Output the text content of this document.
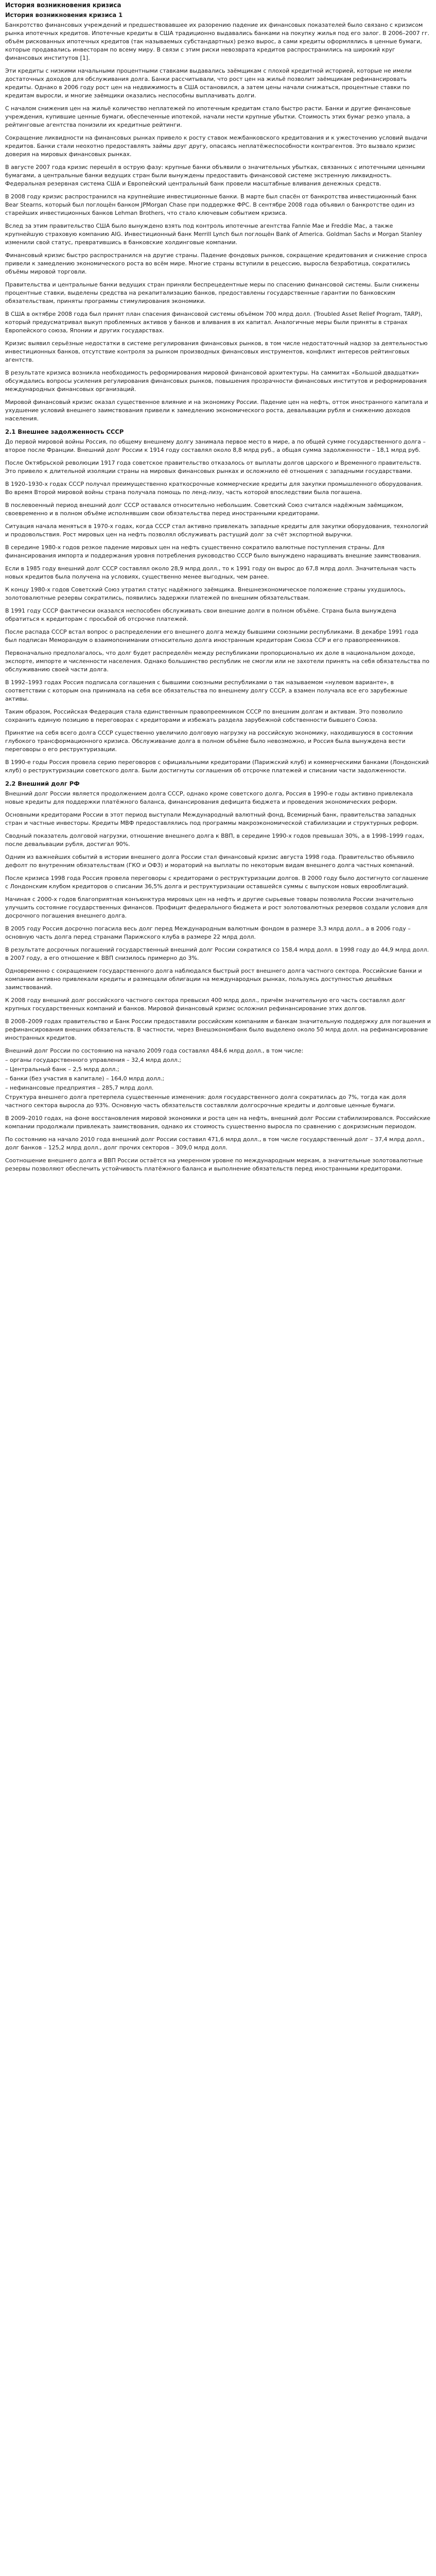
История возникновения кризиса
История возникновения кризиса 1
Банкротство финансовых учреждений и предшествовавшее их разорению падение их финансовых показателей было связано с кризисом рынка ипотечных кредитов. Ипотечные кредиты в США традиционно выдавались банками на покупку жилья под его залог. В 2006–2007 гг. объём рискованных ипотечных кредитов (так называемых субстандартных) резко вырос, а сами кредиты оформлялись в ценные бумаги, которые продавались инвесторам по всему миру. В связи с этим риски невозврата кредитов распространились на широкий круг финансовых институтов [1].
Эти кредиты с низкими начальными процентными ставками выдавались заёмщикам с плохой кредитной историей, которые не имели достаточных доходов для обслуживания долга. Банки рассчитывали, что рост цен на жильё позволит заёмщикам рефинансировать кредиты. Однако в 2006 году рост цен на недвижимость в США остановился, а затем цены начали снижаться, процентные ставки по кредитам выросли, и многие заёмщики оказались неспособны выплачивать долги.
С началом снижения цен на жильё количество неплатежей по ипотечным кредитам стало быстро расти. Банки и другие финансовые учреждения, купившие ценные бумаги, обеспеченные ипотекой, начали нести крупные убытки. Стоимость этих бумаг резко упала, а рейтинговые агентства понизили их кредитные рейтинги.
Сокращение ликвидности на финансовых рынках привело к росту ставок межбанковского кредитования и к ужесточению условий выдачи кредитов. Банки стали неохотно предоставлять займы друг другу, опасаясь неплатёжеспособности контрагентов. Это вызвало кризис доверия на мировых финансовых рынках.
В августе 2007 года кризис перешёл в острую фазу: крупные банки объявили о значительных убытках, связанных с ипотечными ценными бумагами, а центральные банки ведущих стран были вынуждены предоставить финансовой системе экстренную ликвидность. Федеральная резервная система США и Европейский центральный банк провели масштабные вливания денежных средств.
В 2008 году кризис распространился на крупнейшие инвестиционные банки. В марте был спасён от банкротства инвестиционный банк Bear Stearns, который был поглощён банком JPMorgan Chase при поддержке ФРС. В сентябре 2008 года объявил о банкротстве один из старейших инвестиционных банков Lehman Brothers, что стало ключевым событием кризиса.
Вслед за этим правительство США было вынуждено взять под контроль ипотечные агентства Fannie Mae и Freddie Mac, а также крупнейшую страховую компанию AIG. Инвестиционный банк Merrill Lynch был поглощён Bank of America. Goldman Sachs и Morgan Stanley изменили свой статус, превратившись в банковские холдинговые компании.
Финансовый кризис быстро распространился на другие страны. Падение фондовых рынков, сокращение кредитования и снижение спроса привели к замедлению экономического роста во всём мире. Многие страны вступили в рецессию, выросла безработица, сократились объёмы мировой торговли.
Правительства и центральные банки ведущих стран приняли беспрецедентные меры по спасению финансовой системы. Были снижены процентные ставки, выделены средства на рекапитализацию банков, предоставлены государственные гарантии по банковским обязательствам, приняты программы стимулирования экономики.
В США в октябре 2008 года был принят план спасения финансовой системы объёмом 700 млрд долл. (Troubled Asset Relief Program, TARP), который предусматривал выкуп проблемных активов у банков и вливания в их капитал. Аналогичные меры были приняты в странах Европейского союза, Японии и других государствах.
Кризис выявил серьёзные недостатки в системе регулирования финансовых рынков, в том числе недостаточный надзор за деятельностью инвестиционных банков, отсутствие контроля за рынком производных финансовых инструментов, конфликт интересов рейтинговых агентств.
В результате кризиса возникла необходимость реформирования мировой финансовой архитектуры. На саммитах «Большой двадцатки» обсуждались вопросы усиления регулирования финансовых рынков, повышения прозрачности финансовых институтов и реформирования международных финансовых организаций.
Мировой финансовый кризис оказал существенное влияние и на экономику России. Падение цен на нефть, отток иностранного капитала и ухудшение условий внешнего заимствования привели к замедлению экономического роста, девальвации рубля и снижению доходов населения.
2.1 Внешнее задолженность СССР
До первой мировой войны Россия, по общему внешнему долгу занимала первое место в мире, а по общей сумме государственного долга – второе после Франции. Внешний долг России к 1914 году составлял около 8,8 млрд руб., а общая сумма задолженности – 18,1 млрд руб.
После Октябрьской революции 1917 года советское правительство отказалось от выплаты долгов царского и Временного правительств. Это привело к длительной изоляции страны на мировых финансовых рынках и осложнило её отношения с западными государствами.
В 1920–1930-х годах СССР получал преимущественно краткосрочные коммерческие кредиты для закупки промышленного оборудования. Во время Второй мировой войны страна получала помощь по ленд-лизу, часть которой впоследствии была погашена.
В послевоенный период внешний долг СССР оставался относительно небольшим. Советский Союз считался надёжным заёмщиком, своевременно и в полном объёме исполнявшим свои обязательства перед иностранными кредиторами.
Ситуация начала меняться в 1970-х годах, когда СССР стал активно привлекать западные кредиты для закупки оборудования, технологий и продовольствия. Рост мировых цен на нефть позволял обслуживать растущий долг за счёт экспортной выручки.
В середине 1980-х годов резкое падение мировых цен на нефть существенно сократило валютные поступления страны. Для финансирования импорта и поддержания уровня потребления руководство СССР было вынуждено наращивать внешние заимствования.
Если в 1985 году внешний долг СССР составлял около 28,9 млрд долл., то к 1991 году он вырос до 67,8 млрд долл. Значительная часть новых кредитов была получена на условиях, существенно менее выгодных, чем ранее.
К концу 1980-х годов Советский Союз утратил статус надёжного заёмщика. Внешнеэкономическое положение страны ухудшилось, золотовалютные резервы сократились, появились задержки платежей по внешним обязательствам.
В 1991 году СССР фактически оказался неспособен обслуживать свои внешние долги в полном объёме. Страна была вынуждена обратиться к кредиторам с просьбой об отсрочке платежей.
После распада СССР встал вопрос о распределении его внешнего долга между бывшими союзными республиками. В декабре 1991 года был подписан Меморандум о взаимопонимании относительно долга иностранным кредиторам Союза ССР и его правопреемников.
Первоначально предполагалось, что долг будет распределён между республиками пропорционально их доле в национальном доходе, экспорте, импорте и численности населения. Однако большинство республик не смогли или не захотели принять на себя обязательства по обслуживанию своей части долга.
В 1992–1993 годах Россия подписала соглашения с бывшими союзными республиками о так называемом «нулевом варианте», в соответствии с которым она принимала на себя все обязательства по внешнему долгу СССР, а взамен получала все его зарубежные активы.
Таким образом, Российская Федерация стала единственным правопреемником СССР по внешним долгам и активам. Это позволило сохранить единую позицию в переговорах с кредиторами и избежать раздела зарубежной собственности бывшего Союза.
Принятие на себя всего долга СССР существенно увеличило долговую нагрузку на российскую экономику, находившуюся в состоянии глубокого трансформационного кризиса. Обслуживание долга в полном объёме было невозможно, и Россия была вынуждена вести переговоры о его реструктуризации.
В 1990-е годы Россия провела серию переговоров с официальными кредиторами (Парижский клуб) и коммерческими банками (Лондонский клуб) о реструктуризации советского долга. Были достигнуты соглашения об отсрочке платежей и списании части задолженности.
2.2 Внешний долг РФ
Внешний долг России является продолжением долга СССР, однако кроме советского долга, Россия в 1990-е годы активно привлекала новые кредиты для поддержки платёжного баланса, финансирования дефицита бюджета и проведения экономических реформ.
Основными кредиторами России в этот период выступали Международный валютный фонд, Всемирный банк, правительства западных стран и частные инвесторы. Кредиты МВФ предоставлялись под программы макроэкономической стабилизации и структурных реформ.
Сводный показатель долговой нагрузки, отношение внешнего долга к ВВП, в середине 1990-х годов превышал 30%, а в 1998–1999 годах, после девальвации рубля, достигал 90%.
Одним из важнейших событий в истории внешнего долга России стал финансовый кризис августа 1998 года. Правительство объявило дефолт по внутренним обязательствам (ГКО и ОФЗ) и мораторий на выплаты по некоторым видам внешнего долга частных компаний.
После кризиса 1998 года Россия провела переговоры с кредиторами о реструктуризации долгов. В 2000 году было достигнуто соглашение с Лондонским клубом кредиторов о списании 36,5% долга и реструктуризации оставшейся суммы с выпуском новых еврооблигаций.
Начиная с 2000-х годов благоприятная конъюнктура мировых цен на нефть и другие сырьевые товары позволила России значительно улучшить состояние государственных финансов. Профицит федерального бюджета и рост золотовалютных резервов создали условия для досрочного погашения внешнего долга.
В 2005 году Россия досрочно погасила весь долг перед Международным валютным фондом в размере 3,3 млрд долл., а в 2006 году – основную часть долга перед странами Парижского клуба в размере 22 млрд долл.
В результате досрочных погашений государственный внешний долг России сократился со 158,4 млрд долл. в 1998 году до 44,9 млрд долл. в 2007 году, а его отношение к ВВП снизилось примерно до 3%.
Одновременно с сокращением государственного долга наблюдался быстрый рост внешнего долга частного сектора. Российские банки и компании активно привлекали кредиты и размещали облигации на международных рынках, пользуясь доступностью дешёвых заимствований.
К 2008 году внешний долг российского частного сектора превысил 400 млрд долл., причём значительную его часть составлял долг крупных государственных компаний и банков. Мировой финансовый кризис осложнил рефинансирование этих долгов.
В 2008–2009 годах правительство и Банк России предоставили российским компаниям и банкам значительную поддержку для погашения и рефинансирования внешних обязательств. В частности, через Внешэкономбанк было выделено около 50 млрд долл. на рефинансирование иностранных кредитов.
Внешний долг России по состоянию на начало 2009 года составлял 484,6 млрд долл., в том числе:
– органы государственного управления – 32,4 млрд долл.;
– Центральный банк – 2,5 млрд долл.;
– банки (без участия в капитале) – 164,0 млрд долл.;
– нефинансовые предприятия – 285,7 млрд долл.
Структура внешнего долга претерпела существенные изменения: доля государственного долга сократилась до 7%, тогда как доля частного сектора выросла до 93%. Основную часть обязательств составляли долгосрочные кредиты и долговые ценные бумаги.
В 2009–2010 годах, на фоне восстановления мировой экономики и роста цен на нефть, внешний долг России стабилизировался. Российские компании продолжали привлекать заимствования, однако их стоимость существенно выросла по сравнению с докризисным периодом.
По состоянию на начало 2010 года внешний долг России составил 471,6 млрд долл., в том числе государственный долг – 37,4 млрд долл., долг банков – 125,2 млрд долл., долг прочих секторов – 309,0 млрд долл.
Соотношение внешнего долга и ВВП России остаётся на умеренном уровне по международным меркам, а значительные золотовалютные резервы позволяют обеспечить устойчивость платёжного баланса и выполнение обязательств перед иностранными кредиторами.
